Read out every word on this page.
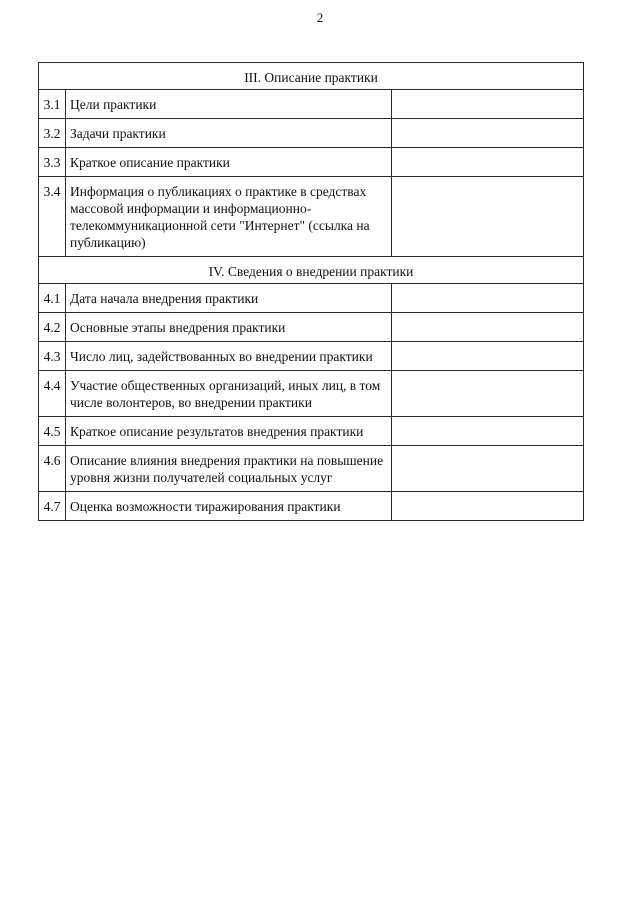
2
III. Описание практики		
3.1	Цели практики	
3.2	Задачи практики	
3.3	Краткое описание практики	
3.4	Информация о публикациях о практике в средствах массовой информации и информационно-телекоммуникационной сети "Интернет" (ссылка на публикацию)	
IV. Сведения о внедрении практики		
4.1	Дата начала внедрения практики	
4.2	Основные этапы внедрения практики	
4.3	Число лиц, задействованных во внедрении практики	
4.4	Участие общественных организаций, иных лиц, в том числе волонтеров, во внедрении практики	
4.5	Краткое описание результатов внедрения практики	
4.6	Описание влияния внедрения практики на повышение уровня жизни получателей социальных услуг	
4.7	Оценка возможности тиражирования практики	
